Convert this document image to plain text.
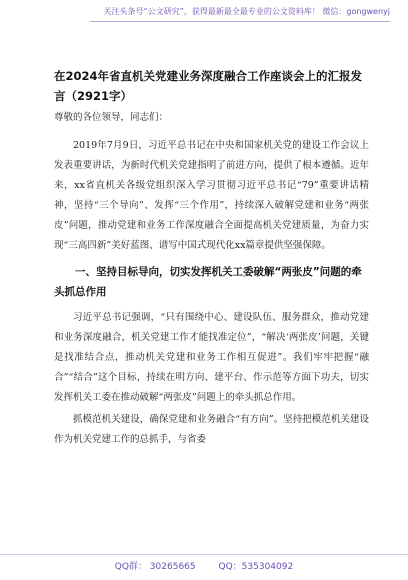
关注头条号“公文研究”，获得最新最全最专业的公文资料库！ 微信：gongwenyj
在2024年省直机关党建业务深度融合工作座谈会上的汇报发言（2921字）
尊敬的各位领导，同志们：
2019年7月9日，习近平总书记在中央和国家机关党的建设工作会议上发表重要讲话，为新时代机关党建指明了前进方向，提供了根本遵循。近年来，xx省直机关各级党组织深入学习贯彻习近平总书记“79”重要讲话精神，坚持“三个导向”、发挥“三个作用”，持续深入破解党建和业务“两张皮”问题，推动党建和业务工作深度融合全面提高机关党建质量，为奋力实现“三高四新”美好蓝图、谱写中国式现代化xx篇章提供坚强保障。
一、坚持目标导向，切实发挥机关工委破解“两张皮”问题的牵头抓总作用
习近平总书记强调，“只有围绕中心、建设队伍、服务群众，推动党建和业务深度融合，机关党建工作才能找准定位”，“解决‘两张皮’问题，关键是找准结合点，推动机关党建和业务工作相互促进”。我们牢牢把握“融合”“结合”这个目标，持续在明方向、建平台、作示范等方面下功夫，切实发挥机关工委在推动破解“两张皮”问题上的牵头抓总作用。
抓模范机关建设，确保党建和业务融合“有方向”。坚持把模范机关建设作为机关党建工作的总抓手，与省委
QQ群： 30265665	QQ：535304092
